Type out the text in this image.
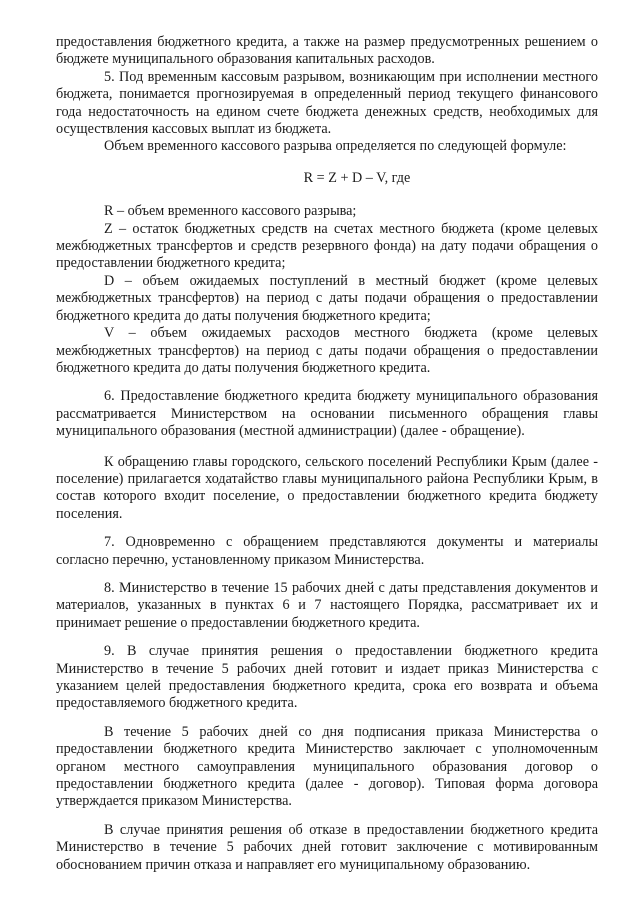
предоставления бюджетного кредита, а также на размер предусмотренных решением о бюджете муниципального образования капитальных расходов.

5. Под временным кассовым разрывом, возникающим при исполнении местного бюджета, понимается прогнозируемая в определенный период текущего финансового года недостаточность на едином счете бюджета денежных средств, необходимых для осуществления кассовых выплат из бюджета.

Объем временного кассового разрыва определяется по следующей формуле:

R = Z + D – V, где

R – объем временного кассового разрыва;

Z – остаток бюджетных средств на счетах местного бюджета (кроме целевых межбюджетных трансфертов и средств резервного фонда) на дату подачи обращения о предоставлении бюджетного кредита;

D – объем ожидаемых поступлений в местный бюджет (кроме целевых межбюджетных трансфертов) на период с даты подачи обращения о предоставлении бюджетного кредита до даты получения бюджетного кредита;

V – объем ожидаемых расходов местного бюджета (кроме целевых межбюджетных трансфертов) на период с даты подачи обращения о предоставлении бюджетного кредита до даты получения бюджетного кредита.

6. Предоставление бюджетного кредита бюджету муниципального образования рассматривается Министерством на основании письменного обращения главы муниципального образования (местной администрации) (далее - обращение).

К обращению главы городского, сельского поселений Республики Крым (далее - поселение) прилагается ходатайство главы муниципального района Республики Крым, в состав которого входит поселение, о предоставлении бюджетного кредита бюджету поселения.

7. Одновременно с обращением представляются документы и материалы согласно перечню, установленному приказом Министерства.

8. Министерство в течение 15 рабочих дней с даты представления документов и материалов, указанных в пунктах 6 и 7 настоящего Порядка, рассматривает их и принимает решение о предоставлении бюджетного кредита.

9. В случае принятия решения о предоставлении бюджетного кредита Министерство в течение 5 рабочих дней готовит и издает приказ Министерства с указанием целей предоставления бюджетного кредита, срока его возврата и объема предоставляемого бюджетного кредита.

В течение 5 рабочих дней со дня подписания приказа Министерства о предоставлении бюджетного кредита Министерство заключает с уполномоченным органом местного самоуправления муниципального образования договор о предоставлении бюджетного кредита (далее - договор). Типовая форма договора утверждается приказом Министерства.

В случае принятия решения об отказе в предоставлении бюджетного кредита Министерство в течение 5 рабочих дней готовит заключение с мотивированным обоснованием причин отказа и направляет его муниципальному образованию.
